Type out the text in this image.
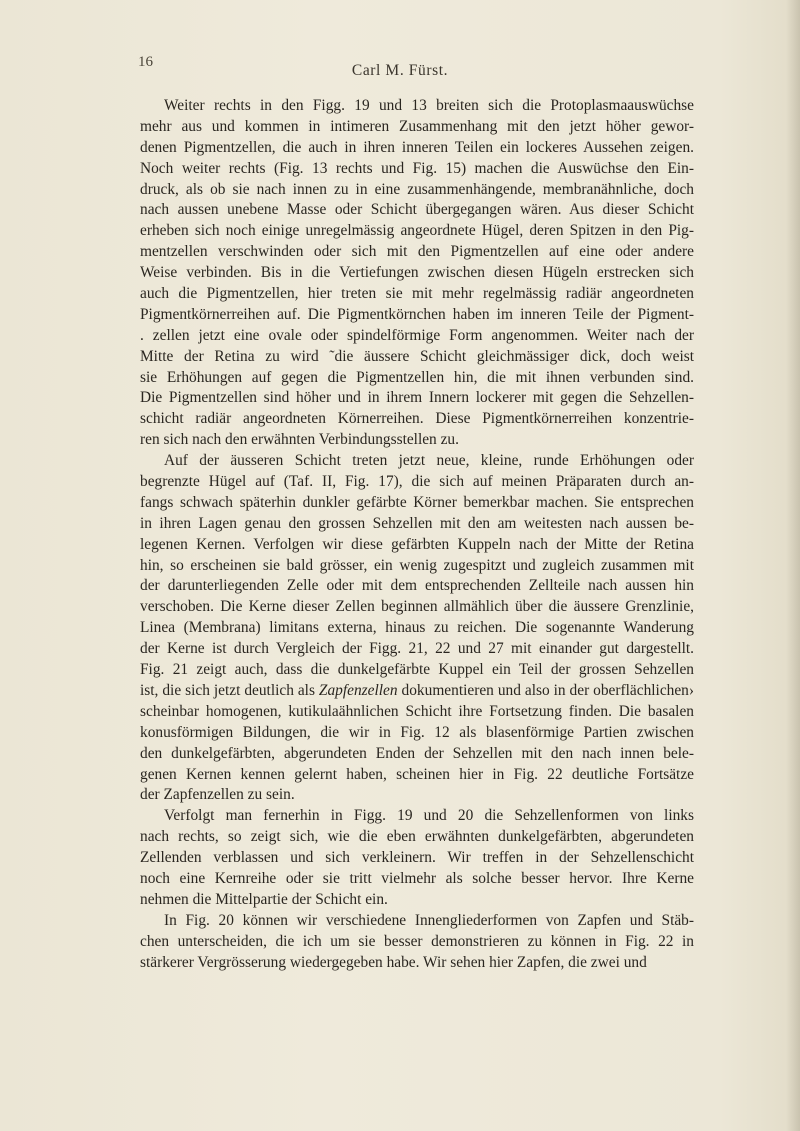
16	Carl M. Fürst.
Weiter rechts in den Figg. 19 und 13 breiten sich die Protoplasmaauswüchse
mehr aus und kommen in intimeren Zusammenhang mit den jetzt höher gewor-
denen Pigmentzellen, die auch in ihren inneren Teilen ein lockeres Aussehen zeigen.
Noch weiter rechts (Fig. 13 rechts und Fig. 15) machen die Auswüchse den Ein-
druck, als ob sie nach innen zu in eine zusammenhängende, membranähnliche, doch
nach aussen unebene Masse oder Schicht übergegangen wären. Aus dieser Schicht
erheben sich noch einige unregelmässig angeordnete Hügel, deren Spitzen in den Pig-
mentzellen verschwinden oder sich mit den Pigmentzellen auf eine oder andere
Weise verbinden. Bis in die Vertiefungen zwischen diesen Hügeln erstrecken sich
auch die Pigmentzellen, hier treten sie mit mehr regelmässig radiär angeordneten
Pigmentkörnerreihen auf. Die Pigmentkörnchen haben im inneren Teile der Pigment-
. zellen jetzt eine ovale oder spindelförmige Form angenommen. Weiter nach der
Mitte der Retina zu wird ˜die äussere Schicht gleichmässiger dick, doch weist
sie Erhöhungen auf gegen die Pigmentzellen hin, die mit ihnen verbunden sind.
Die Pigmentzellen sind höher und in ihrem Innern lockerer mit gegen die Sehzellen-
schicht radiär angeordneten Körnerreihen. Diese Pigmentkörnerreihen konzentrie-
ren sich nach den erwähnten Verbindungsstellen zu.
Auf der äusseren Schicht treten jetzt neue, kleine, runde Erhöhungen oder
begrenzte Hügel auf (Taf. II, Fig. 17), die sich auf meinen Präparaten durch an-
fangs schwach späterhin dunkler gefärbte Körner bemerkbar machen. Sie entsprechen
in ihren Lagen genau den grossen Sehzellen mit den am weitesten nach aussen be-
legenen Kernen. Verfolgen wir diese gefärbten Kuppeln nach der Mitte der Retina
hin, so erscheinen sie bald grösser, ein wenig zugespitzt und zugleich zusammen mit
der darunterliegenden Zelle oder mit dem entsprechenden Zellteile nach aussen hin
verschoben. Die Kerne dieser Zellen beginnen allmählich über die äussere Grenzlinie,
Linea (Membrana) limitans externa, hinaus zu reichen. Die sogenannte Wanderung
der Kerne ist durch Vergleich der Figg. 21, 22 und 27 mit einander gut dargestellt.
Fig. 21 zeigt auch, dass die dunkelgefärbte Kuppel ein Teil der grossen Sehzellen
ist, die sich jetzt deutlich als Zapfenzellen dokumentieren und also in der oberflächlichen›
scheinbar homogenen, kutikulaähnlichen Schicht ihre Fortsetzung finden. Die basalen
konusförmigen Bildungen, die wir in Fig. 12 als blasenförmige Partien zwischen
den dunkelgefärbten, abgerundeten Enden der Sehzellen mit den nach innen bele-
genen Kernen kennen gelernt haben, scheinen hier in Fig. 22 deutliche Fortsätze
der Zapfenzellen zu sein.
Verfolgt man fernerhin in Figg. 19 und 20 die Sehzellenformen von links
nach rechts, so zeigt sich, wie die eben erwähnten dunkelgefärbten, abgerundeten
Zellenden verblassen und sich verkleinern. Wir treffen in der Sehzellenschicht
noch eine Kernreihe oder sie tritt vielmehr als solche besser hervor. Ihre Kerne
nehmen die Mittelpartie der Schicht ein.
In Fig. 20 können wir verschiedene Innengliederformen von Zapfen und Stäb-
chen unterscheiden, die ich um sie besser demonstrieren zu können in Fig. 22 in
stärkerer Vergrösserung wiedergegeben habe. Wir sehen hier Zapfen, die zwei und
